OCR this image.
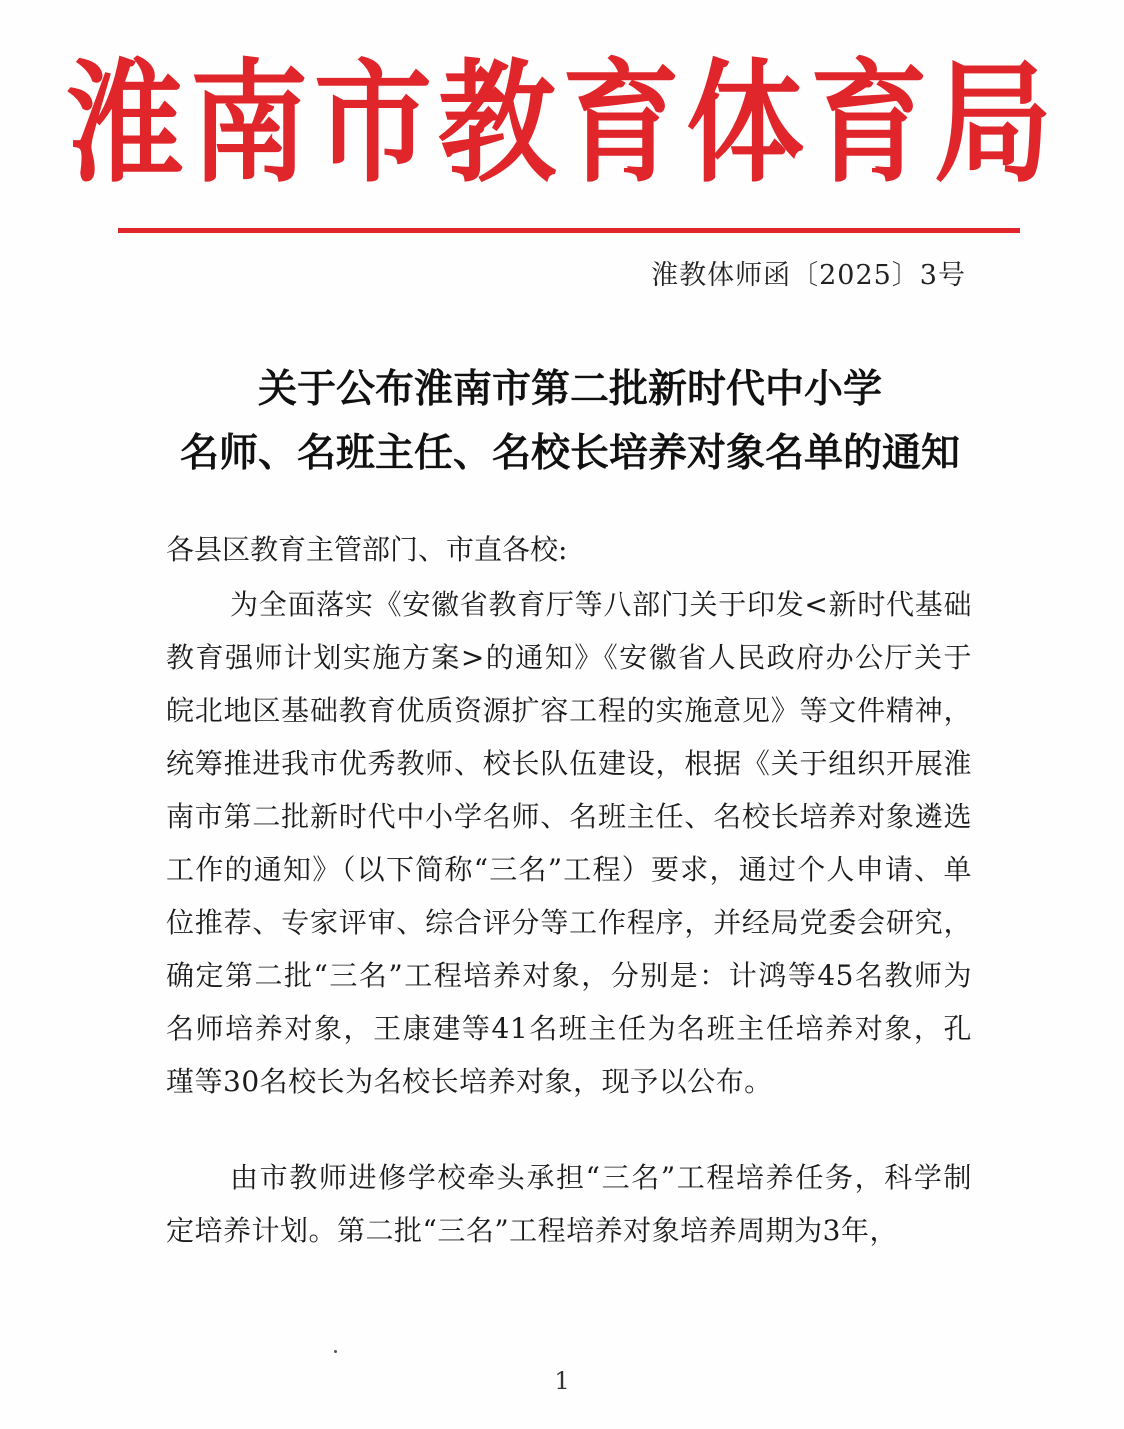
淮南市教育体育局
淮教体师函〔2025〕3号
关于公布淮南市第二批新时代中小学
名师、名班主任、名校长培养对象名单的通知
各县区教育主管部门、市直各校:
为全面落实《安徽省教育厅等八部门关于印发<新时代基础教育强师计划实施方案>的通知》《安徽省人民政府办公厅关于皖北地区基础教育优质资源扩容工程的实施意见》等文件精神，统筹推进我市优秀教师、校长队伍建设，根据《关于组织开展淮南市第二批新时代中小学名师、名班主任、名校长培养对象遴选工作的通知》（以下简称“三名”工程）要求，通过个人申请、单位推荐、专家评审、综合评分等工作程序，并经局党委会研究，确定第二批“三名”工程培养对象，分别是：计鸿等45名教师为名师培养对象，王康建等41名班主任为名班主任培养对象，孔瑾等30名校长为名校长培养对象，现予以公布。
由市教师进修学校牵头承担“三名”工程培养任务，科学制定培养计划。第二批“三名”工程培养对象培养周期为3年，
1
